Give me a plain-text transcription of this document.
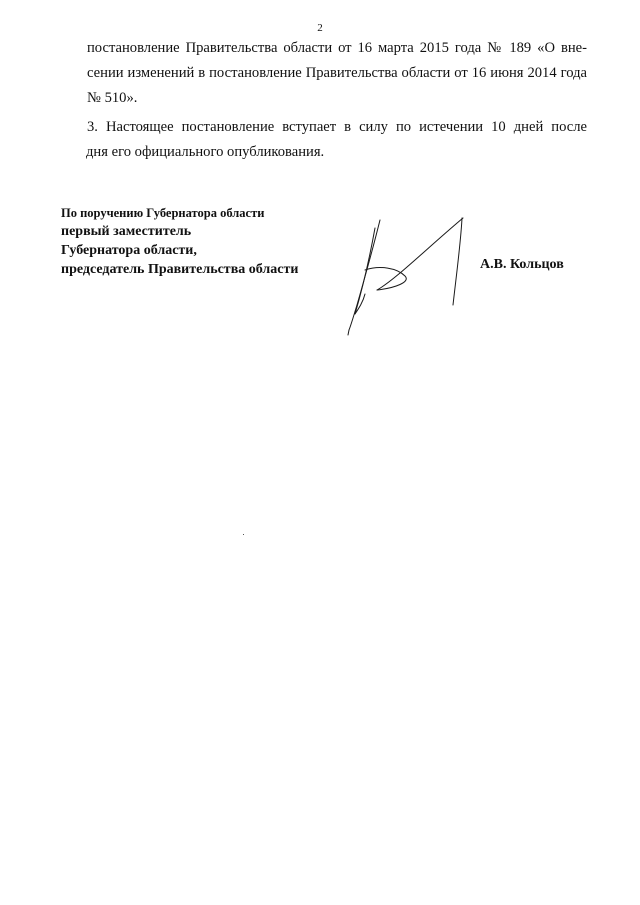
2
постановление Правительства области от 16 марта 2015 года № 189 «О вне-
сении изменений в постановление Правительства области от 16 июня 2014 года
№ 510».
3. Настоящее постановление вступает в силу по истечении 10 дней после
дня его официального опубликования.
По поручению Губернатора области
первый заместитель
Губернатора области,
председатель Правительства области	А.В. Кольцов
